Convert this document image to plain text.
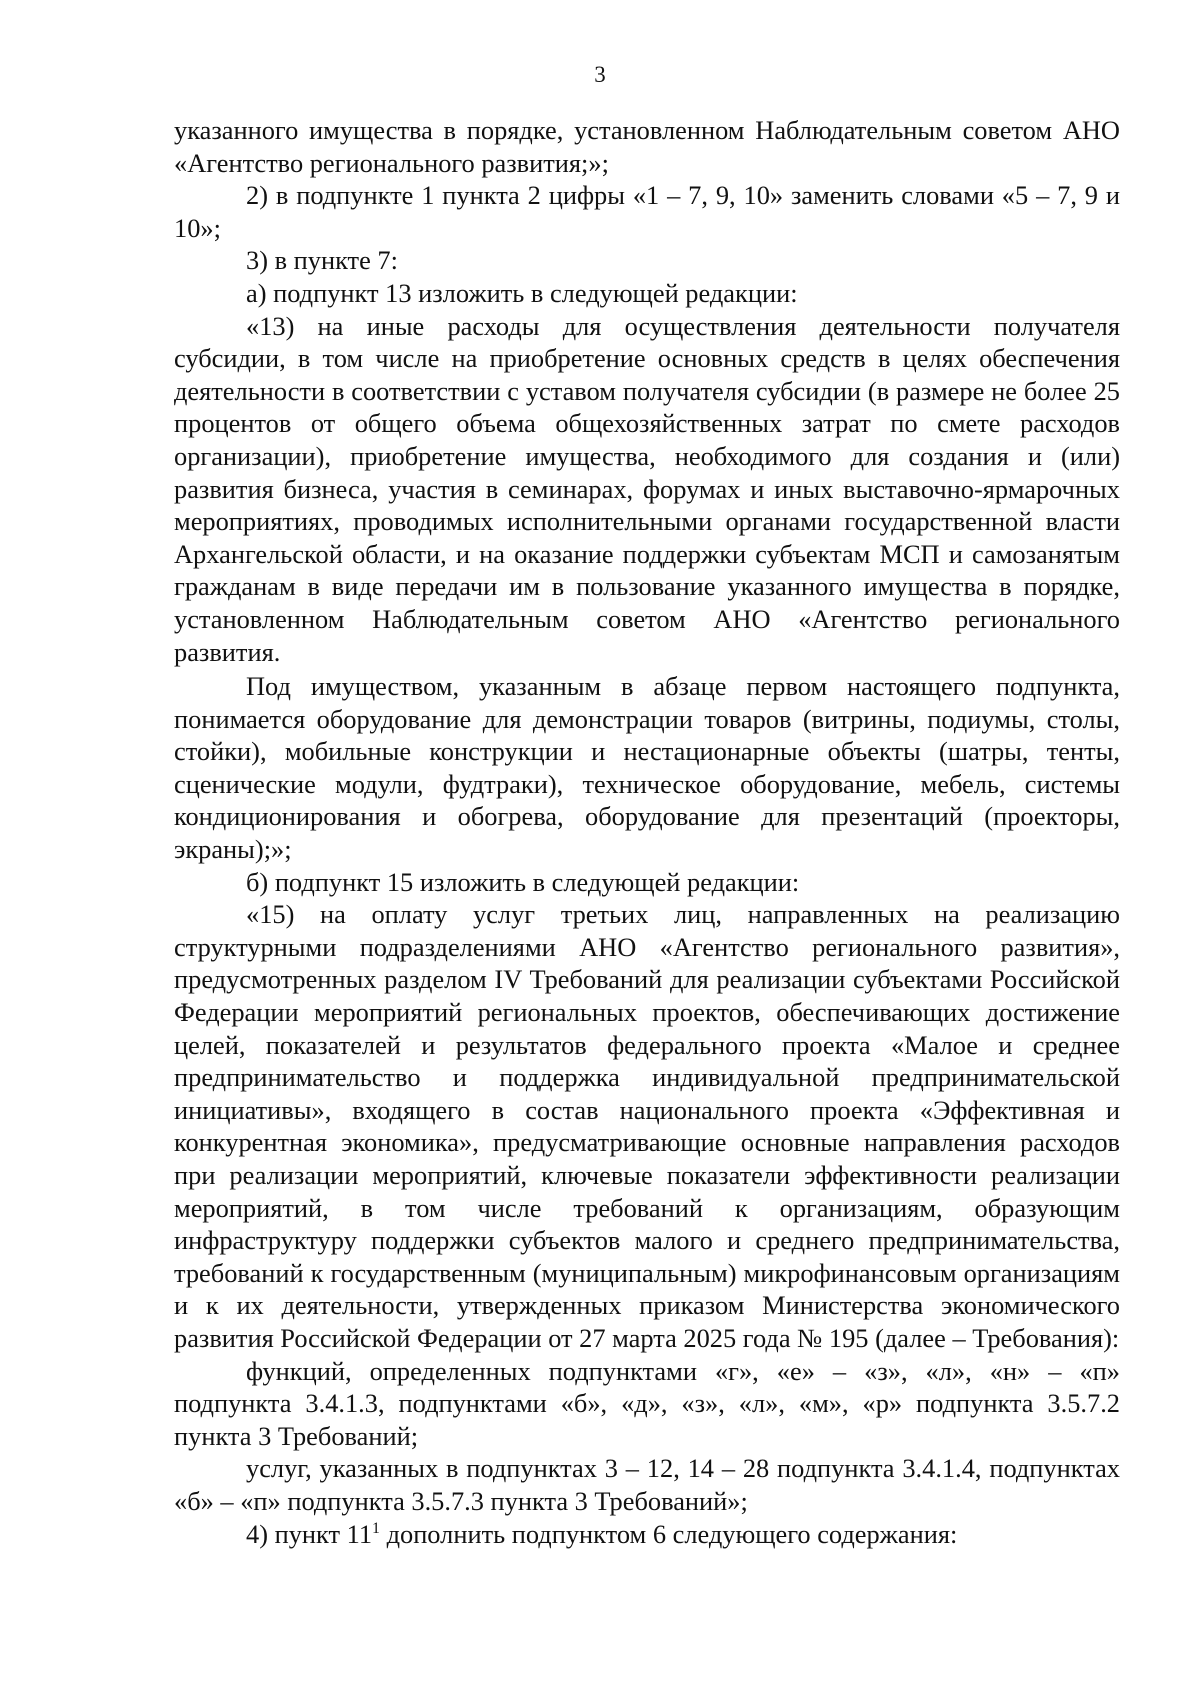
3

указанного имущества в порядке, установленном Наблюдательным советом АНО «Агентство регионального развития;»;

2) в подпункте 1 пункта 2 цифры «1 – 7, 9, 10» заменить словами «5 – 7, 9 и 10»;

3) в пункте 7:

а) подпункт 13 изложить в следующей редакции:

«13) на иные расходы для осуществления деятельности получателя субсидии, в том числе на приобретение основных средств в целях обеспечения деятельности в соответствии с уставом получателя субсидии (в размере не более 25 процентов от общего объема общехозяйственных затрат по смете расходов организации), приобретение имущества, необходимого для создания и (или) развития бизнеса, участия в семинарах, форумах и иных выставочно-ярмарочных мероприятиях, проводимых исполнительными органами государственной власти Архангельской области, и на оказание поддержки субъектам МСП и самозанятым гражданам в виде передачи им в пользование указанного имущества в порядке, установленном Наблюдательным советом АНО «Агентство регионального развития.

Под имуществом, указанным в абзаце первом настоящего подпункта, понимается оборудование для демонстрации товаров (витрины, подиумы, столы, стойки), мобильные конструкции и нестационарные объекты (шатры, тенты, сценические модули, фудтраки), техническое оборудование, мебель, системы кондиционирования и обогрева, оборудование для презентаций (проекторы, экраны);»;

б) подпункт 15 изложить в следующей редакции:

«15) на оплату услуг третьих лиц, направленных на реализацию структурными подразделениями АНО «Агентство регионального развития», предусмотренных разделом IV Требований для реализации субъектами Российской Федерации мероприятий региональных проектов, обеспечивающих достижение целей, показателей и результатов федерального проекта «Малое и среднее предпринимательство и поддержка индивидуальной предпринимательской инициативы», входящего в состав национального проекта «Эффективная и конкурентная экономика», предусматривающие основные направления расходов при реализации мероприятий, ключевые показатели эффективности реализации мероприятий, в том числе требований к организациям, образующим инфраструктуру поддержки субъектов малого и среднего предпринимательства, требований к государственным (муниципальным) микрофинансовым организациям и к их деятельности, утвержденных приказом Министерства экономического развития Российской Федерации от 27 марта 2025 года № 195 (далее – Требования):

функций, определенных подпунктами «г», «е» – «з», «л», «н» – «п» подпункта 3.4.1.3, подпунктами «б», «д», «з», «л», «м», «р» подпункта 3.5.7.2 пункта 3 Требований;

услуг, указанных в подпунктах 3 – 12, 14 – 28 подпункта 3.4.1.4, подпунктах «б» – «п» подпункта 3.5.7.3 пункта 3 Требований»;

4) пункт $11^1$ дополнить подпунктом 6 следующего содержания:
